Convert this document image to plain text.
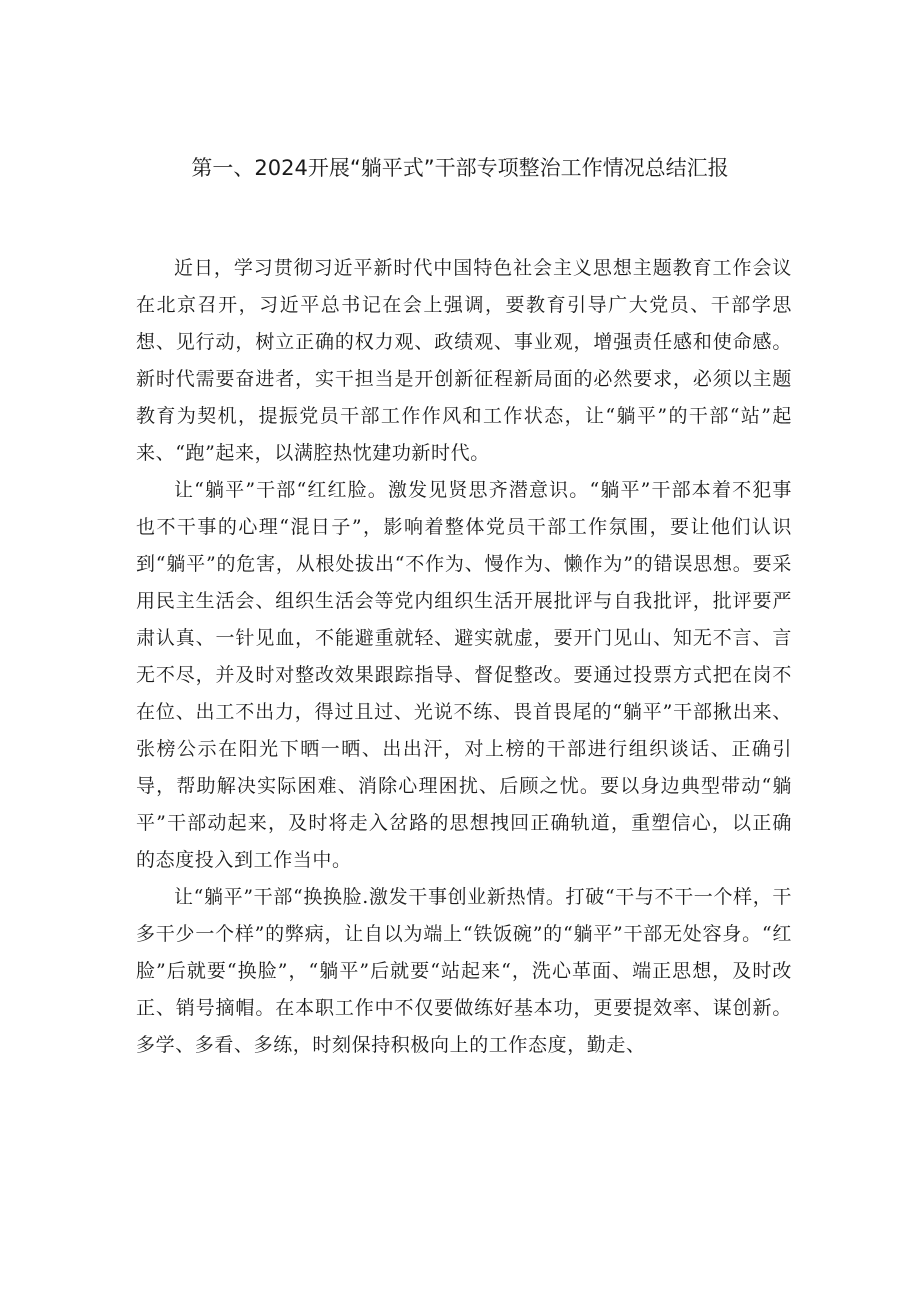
第一、2024开展“躺平式”干部专项整治工作情况总结汇报

近日，学习贯彻习近平新时代中国特色社会主义思想主题教育工作会议在北京召开，习近平总书记在会上强调，要教育引导广大党员、干部学思想、见行动，树立正确的权力观、政绩观、事业观，增强责任感和使命感。新时代需要奋进者，实干担当是开创新征程新局面的必然要求，必须以主题教育为契机，提振党员干部工作作风和工作状态，让“躺平”的干部“站”起来、“跑”起来，以满腔热忱建功新时代。

让“躺平”干部“红红脸。激发见贤思齐潜意识。“躺平”干部本着不犯事也不干事的心理“混日子”，影响着整体党员干部工作氛围，要让他们认识到“躺平”的危害，从根处拔出“不作为、慢作为、懒作为”的错误思想。要采用民主生活会、组织生活会等党内组织生活开展批评与自我批评，批评要严肃认真、一针见血，不能避重就轻、避实就虚，要开门见山、知无不言、言无不尽，并及时对整改效果跟踪指导、督促整改。要通过投票方式把在岗不在位、出工不出力，得过且过、光说不练、畏首畏尾的“躺平”干部揪出来、张榜公示在阳光下晒一晒、出出汗，对上榜的干部进行组织谈话、正确引导，帮助解决实际困难、消除心理困扰、后顾之忧。要以身边典型带动“躺平”干部动起来，及时将走入岔路的思想拽回正确轨道，重塑信心，以正确的态度投入到工作当中。

让“躺平”干部“换换脸.激发干事创业新热情。打破“干与不干一个样，干多干少一个样”的弊病，让自以为端上“铁饭碗”的“躺平”干部无处容身。“红脸”后就要“换脸”，“躺平”后就要“站起来“，洗心革面、端正思想，及时改正、销号摘帽。在本职工作中不仅要做练好基本功，更要提效率、谋创新。多学、多看、多练，时刻保持积极向上的工作态度，勤走、
